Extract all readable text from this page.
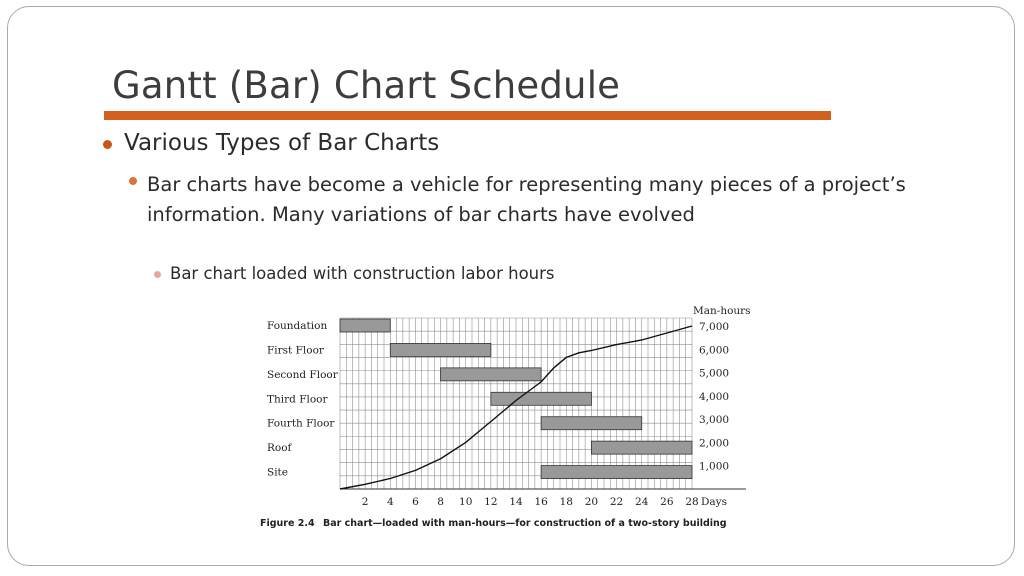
Gantt (Bar) Chart Schedule
Various Types of Bar Charts
Bar charts have become a vehicle for representing many pieces of a project’s information. Many variations of bar charts have evolved
Bar chart loaded with construction labor hours
Foundation
First Floor
Second Floor
Third Floor
Fourth Floor
Roof
Site
2 4 6 8 10 12 14 16 18 20 22 24 26 28 Days
Man-hours
1,000
2,000
3,000
4,000
5,000
6,000
7,000
Figure 2.4 Bar chart—loaded with man-hours—for construction of a two-story building
